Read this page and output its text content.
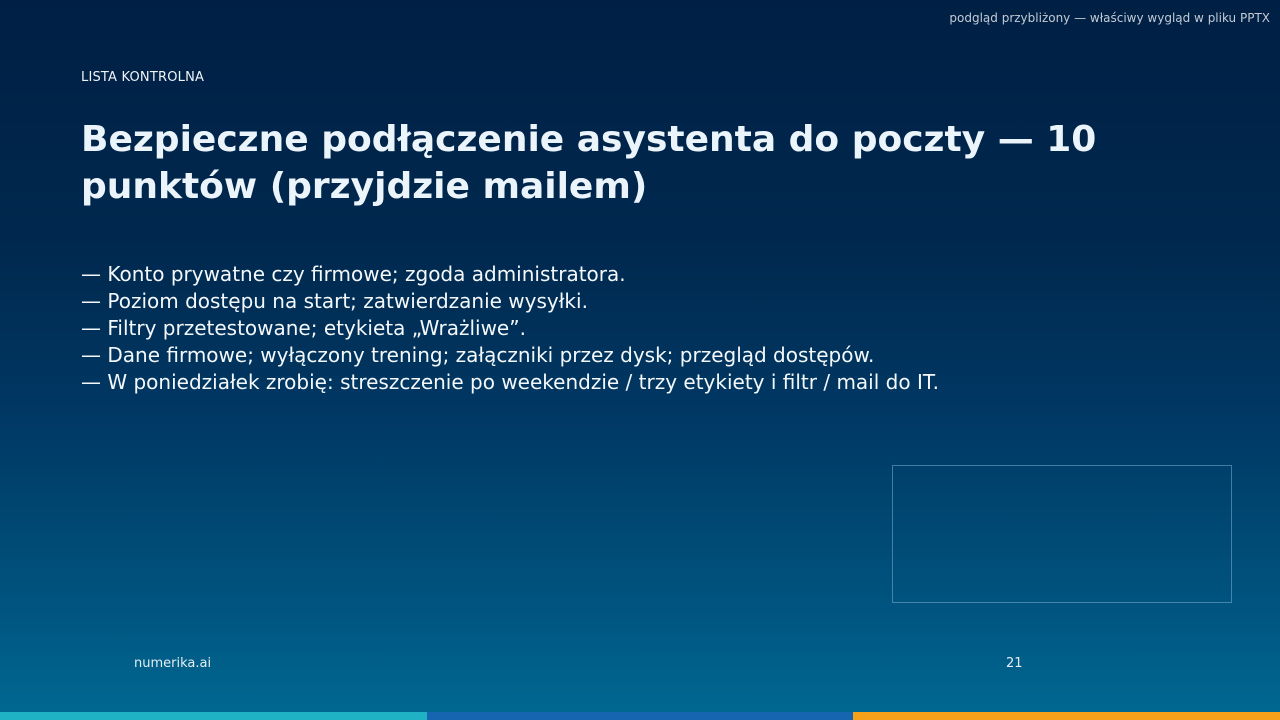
podgląd przybliżony — właściwy wygląd w pliku PPTX
LISTA KONTROLNA
Bezpieczne podłączenie asystenta do poczty — 10 punktów (przyjdzie mailem)
— Konto prywatne czy firmowe; zgoda administratora.
— Poziom dostępu na start; zatwierdzanie wysyłki.
— Filtry przetestowane; etykieta „Wrażliwe”.
— Dane firmowe; wyłączony trening; załączniki przez dysk; przegląd dostępów.
— W poniedziałek zrobię: streszczenie po weekendzie / trzy etykiety i filtr / mail do IT.
numerika.ai	21
